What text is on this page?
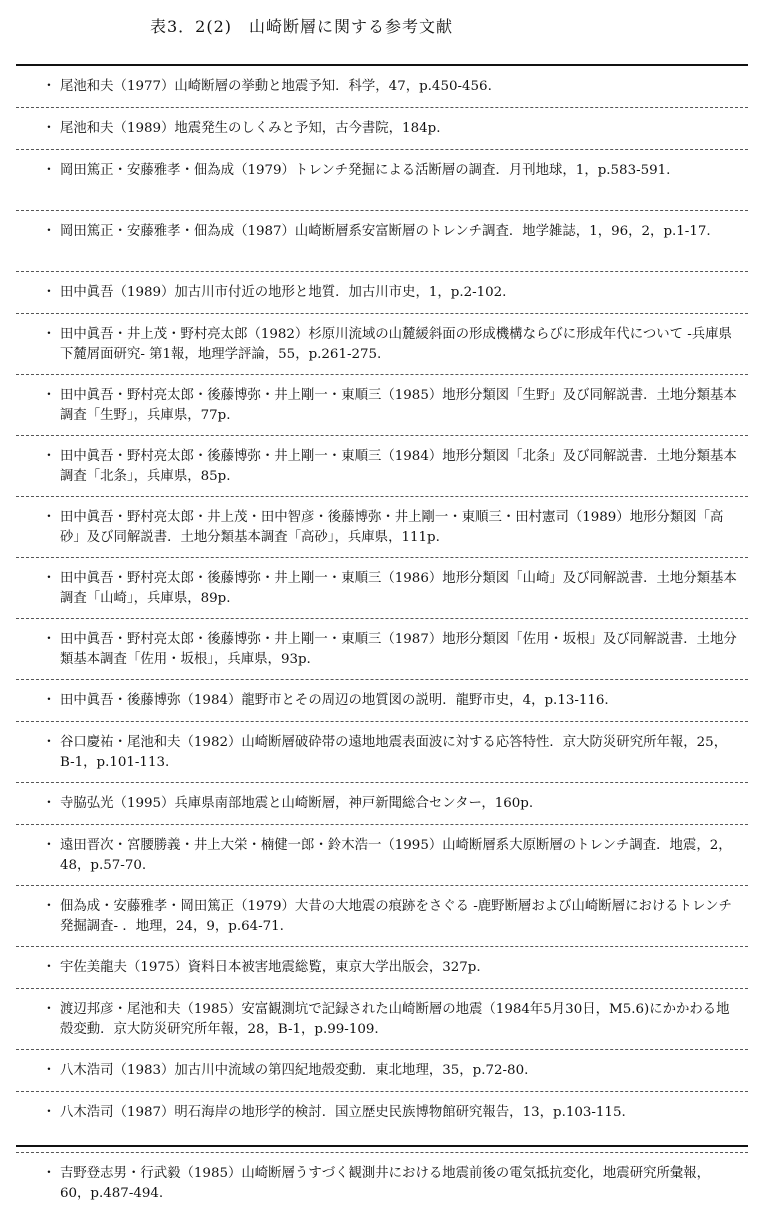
表3．2(2)　山崎断層に関する参考文献
・ 尾池和夫（1977）山崎断層の挙動と地震予知．科学，47，p.450-456.
・ 尾池和夫（1989）地震発生のしくみと予知，古今書院，184p.
・ 岡田篤正・安藤雅孝・佃為成（1979）トレンチ発掘による活断層の調査．月刊地球，1，p.583-591.
・ 岡田篤正・安藤雅孝・佃為成（1987）山崎断層系安富断層のトレンチ調査．地学雑誌，1，96，2，p.1-17.
・ 田中眞吾（1989）加古川市付近の地形と地質．加古川市史，1，p.2-102.
・ 田中眞吾・井上茂・野村亮太郎（1982）杉原川流域の山麓緩斜面の形成機構ならびに形成年代について -兵庫県下麓屑面研究- 第1報，地理学評論，55，p.261-275.
・ 田中眞吾・野村亮太郎・後藤博弥・井上剛一・東順三（1985）地形分類図「生野」及び同解説書．土地分類基本調査「生野」，兵庫県，77p.
・ 田中眞吾・野村亮太郎・後藤博弥・井上剛一・東順三（1984）地形分類図「北条」及び同解説書．土地分類基本調査「北条」，兵庫県，85p.
・ 田中眞吾・野村亮太郎・井上茂・田中智彦・後藤博弥・井上剛一・東順三・田村憲司（1989）地形分類図「高砂」及び同解説書．土地分類基本調査「高砂」，兵庫県，111p.
・ 田中眞吾・野村亮太郎・後藤博弥・井上剛一・東順三（1986）地形分類図「山崎」及び同解説書．土地分類基本調査「山崎」，兵庫県，89p.
・ 田中眞吾・野村亮太郎・後藤博弥・井上剛一・東順三（1987）地形分類図「佐用・坂根」及び同解説書．土地分類基本調査「佐用・坂根」，兵庫県，93p.
・ 田中眞吾・後藤博弥（1984）龍野市とその周辺の地質図の説明．龍野市史，4，p.13-116.
・ 谷口慶祐・尾池和夫（1982）山崎断層破砕帯の遠地地震表面波に対する応答特性．京大防災研究所年報，25，B-1，p.101-113.
・ 寺脇弘光（1995）兵庫県南部地震と山崎断層，神戸新聞総合センター，160p.
・ 遠田晋次・宮腰勝義・井上大栄・楠健一郎・鈴木浩一（1995）山崎断層系大原断層のトレンチ調査．地震，2，48，p.57-70.
・ 佃為成・安藤雅孝・岡田篤正（1979）大昔の大地震の痕跡をさぐる -鹿野断層および山崎断層におけるトレンチ発掘調査- ．地理，24，9，p.64-71.
・ 宇佐美龍夫（1975）資料日本被害地震総覧，東京大学出版会，327p.
・ 渡辺邦彦・尾池和夫（1985）安富観測坑で記録された山崎断層の地震（1984年5月30日，M5.6)にかかわる地殻変動．京大防災研究所年報，28，B-1，p.99-109.
・ 八木浩司（1983）加古川中流域の第四紀地殻変動．東北地理，35，p.72-80.
・ 八木浩司（1987）明石海岸の地形学的検討．国立歴史民族博物館研究報告，13，p.103-115.
・ 吉野登志男・行武毅（1985）山崎断層うすづく観測井における地震前後の電気抵抗変化，地震研究所彙報，60，p.487-494.
